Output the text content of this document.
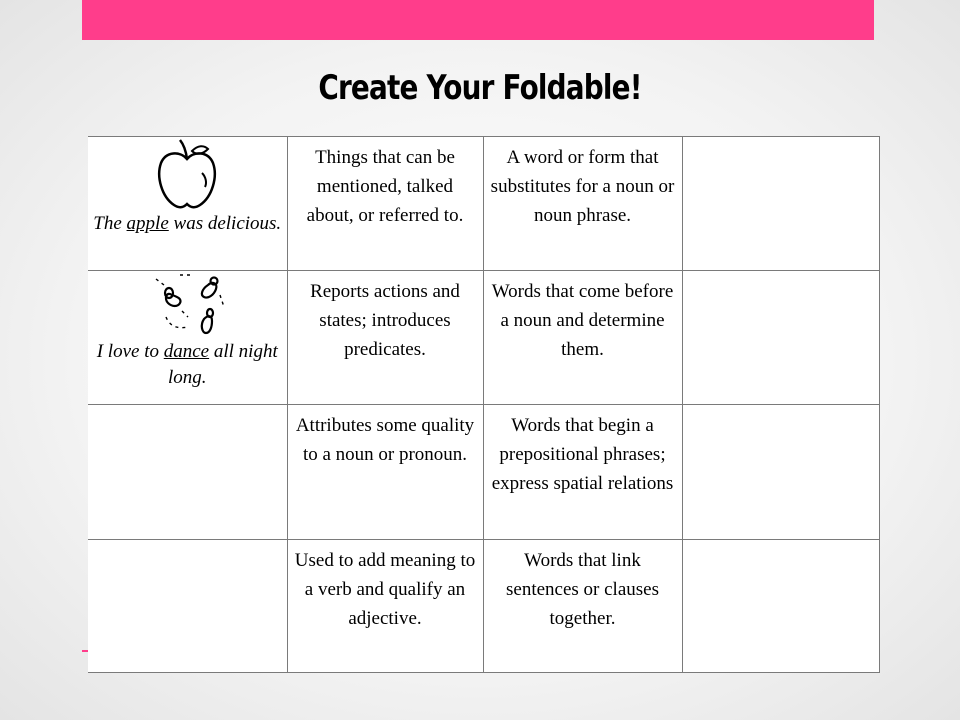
Create Your Foldable!
The apple was delicious.	Things that can be mentioned, talked about, or referred to.	A word or form that substitutes for a noun or noun phrase.	

I love to dance all night long.	Reports actions and states; introduces predicates.	Words that come before a noun and determine them.	
	Attributes some quality to a noun or pronoun.	Words that begin a prepositional phrases; express spatial relations	
	Used to add meaning to a verb and qualify an adjective.	Words that link sentences or clauses together.	
